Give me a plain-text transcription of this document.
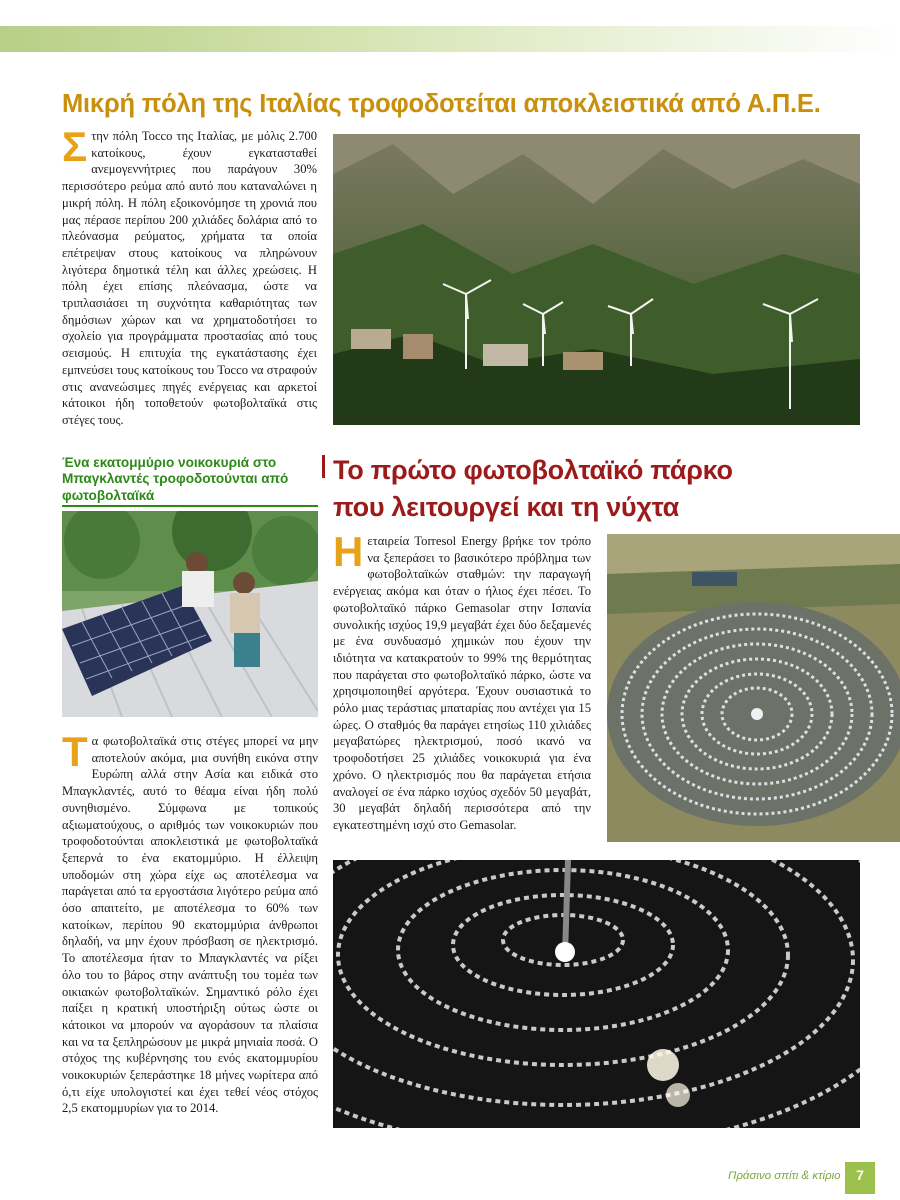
Μικρή πόλη της Ιταλίας τροφοδοτείται αποκλειστικά από Α.Π.Ε.

Στην πόλη Tocco της Ιταλίας, με μόλις 2.700 κατοίκους, έχουν εγκατασταθεί ανεμογεννήτριες που παράγουν 30% περισσότερο ρεύμα από αυτό που καταναλώνει η μικρή πόλη. Η πόλη εξοικονόμησε τη χρονιά που μας πέρασε περίπου 200 χιλιάδες δολάρια από το πλεόνασμα ρεύματος, χρήματα τα οποία επέτρεψαν στους κατοίκους να πληρώνουν λιγότερα δημοτικά τέλη και άλλες χρεώσεις. Η πόλη έχει επίσης πλεόνασμα, ώστε να τριπλασιάσει τη συχνότητα καθαριότητας των δημόσιων χώρων και να χρηματοδοτήσει το σχολείο για προγράμματα προστασίας από τους σεισμούς. Η επιτυχία της εγκατάστασης έχει εμπνεύσει τους κατοίκους του Tocco να στραφούν στις ανανεώσιμες πηγές ενέργειας και αρκετοί κάτοικοι ήδη τοποθετούν φωτοβολταϊκά στις στέγες τους.

Ένα εκατομμύριο νοικοκυριά στο Μπαγκλαντές τροφοδοτούνται από φωτοβολταϊκά

Τα φωτοβολταϊκά στις στέγες μπορεί να μην αποτελούν ακόμα, μια συνήθη εικόνα στην Ευρώπη αλλά στην Ασία και ειδικά στο Μπαγκλαντές, αυτό το θέαμα είναι ήδη πολύ συνηθισμένο. Σύμφωνα με τοπικούς αξιωματούχους, ο αριθμός των νοικοκυριών που τροφοδοτούνται αποκλειστικά με φωτοβολταϊκά ξεπερνά το ένα εκατομμύριο. Η έλλειψη υποδομών στη χώρα είχε ως αποτέλεσμα να παράγεται από τα εργοστάσια λιγότερο ρεύμα από όσο απαιτείτο, με αποτέλεσμα το 60% των κατοίκων, περίπου 90 εκατομμύρια άνθρωποι δηλαδή, να μην έχουν πρόσβαση σε ηλεκτρισμό. Το αποτέλεσμα ήταν το Μπαγκλαντές να ρίξει όλο του το βάρος στην ανάπτυξη του τομέα των οικιακών φωτοβολταϊκών. Σημαντικό ρόλο έχει παίξει η κρατική υποστήριξη ούτως ώστε οι κάτοικοι να μπορούν να αγοράσουν τα πλαίσια και να τα ξεπληρώσουν με μικρά μηνιαία ποσά. Ο στόχος της κυβέρνησης του ενός εκατομμυρίου νοικοκυριών ξεπεράστηκε 18 μήνες νωρίτερα από ό,τι είχε υπολογιστεί και έχει τεθεί νέος στόχος 2,5 εκατομμυρίων για το 2014.

Το πρώτο φωτοβολταϊκό πάρκο
που λειτουργεί και τη νύχτα

Ηεταιρεία Torresol Energy βρήκε τον τρόπο να ξεπεράσει το βασικότερο πρόβλημα των φωτοβολταϊκών σταθμών: την παραγωγή ενέργειας ακόμα και όταν ο ήλιος έχει πέσει. Το φωτοβολταϊκό πάρκο Gemasolar στην Ισπανία συνολικής ισχύος 19,9 μεγαβάτ έχει δύο δεξαμενές με ένα συνδυασμό χημικών που έχουν την ιδιότητα να κατακρατούν το 99% της θερμότητας που παράγεται στο φωτοβολταϊκό πάρκο, ώστε να χρησιμοποιηθεί αργότερα. Έχουν ουσιαστικά το ρόλο μιας τεράστιας μπαταρίας που αντέχει για 15 ώρες. Ο σταθμός θα παράγει ετησίως 110 χιλιάδες μεγαβατώρες ηλεκτρισμού, ποσό ικανό να τροφοδοτήσει 25 χιλιάδες νοικοκυριά για ένα χρόνο. Ο ηλεκτρισμός που θα παράγεται ετήσια αναλογεί σε ένα πάρκο ισχύος σχεδόν 50 μεγαβάτ, 30 μεγαβάτ δηλαδή περισσότερα από την εγκατεστημένη ισχύ στο Gemasolar.

Πράσινο σπίτι & κτίριο	7
